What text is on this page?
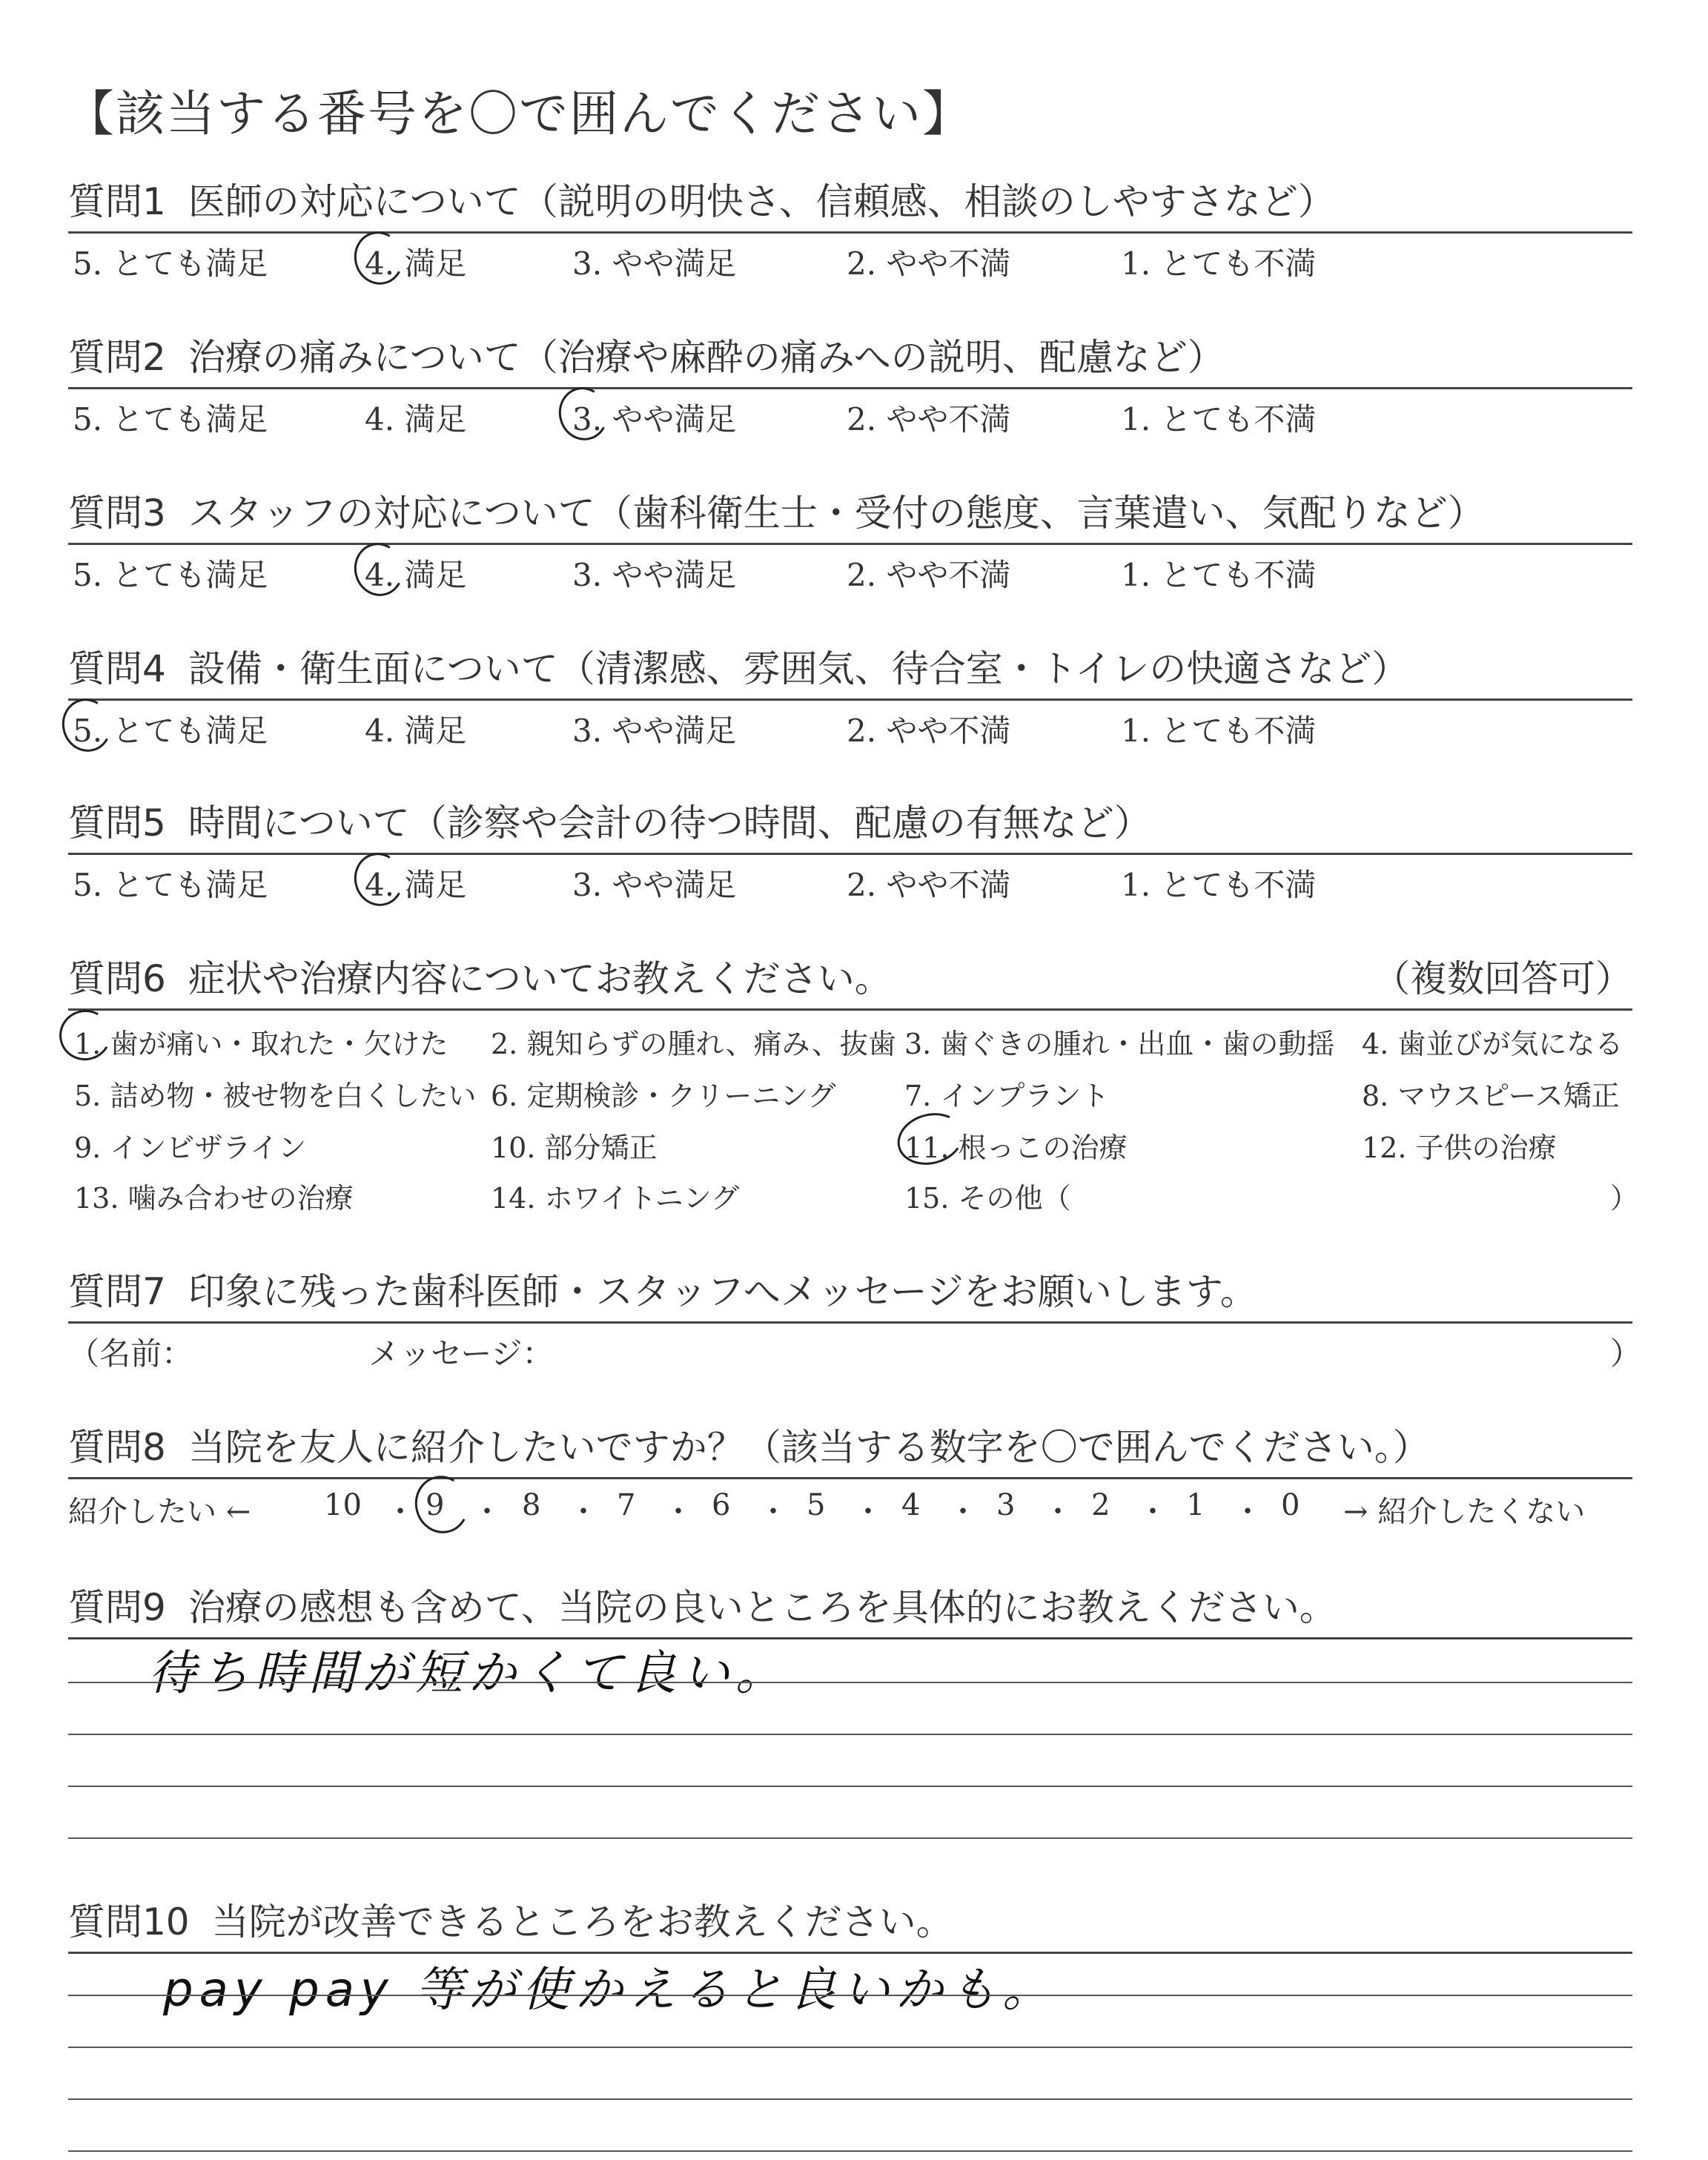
【該当する番号を〇で囲んでください】
質問1 医師の対応について（説明の明快さ、信頼感、相談のしやすさなど）
5. とても満足	4. 満足	3. やや満足	2. やや不満	1. とても不満
質問2 治療の痛みについて（治療や麻酔の痛みへの説明、配慮など）
5. とても満足	4. 満足	3. やや満足	2. やや不満	1. とても不満
質問3 スタッフの対応について（歯科衛生士・受付の態度、言葉遣い、気配りなど）
5. とても満足	4. 満足	3. やや満足	2. やや不満	1. とても不満
質問4 設備・衛生面について（清潔感、雰囲気、待合室・トイレの快適さなど）
5. とても満足	4. 満足	3. やや満足	2. やや不満	1. とても不満
質問5 時間について（診察や会計の待つ時間、配慮の有無など）
5. とても満足	4. 満足	3. やや満足	2. やや不満	1. とても不満
質問6 症状や治療内容についてお教えください。	（複数回答可）
1. 歯が痛い・取れた・欠けた 2. 親知らずの腫れ、痛み、抜歯 3. 歯ぐきの腫れ・出血・歯の動揺 4. 歯並びが気になる
5. 詰め物・被せ物を白くしたい 6. 定期検診・クリーニング 7. インプラント	8. マウスピース矯正
9. インビザライン	10. 部分矯正	11. 根っこの治療	12. 子供の治療
13. 噛み合わせの治療	14. ホワイトニング	15. その他（	）
質問7 印象に残った歯科医師・スタッフへメッセージをお願いします。
（名前：	メッセージ：	）
質問8 当院を友人に紹介したいですか？（該当する数字を〇で囲んでください。）
紹介したい ← 10 ・ 9 ・ 8 ・ 7 ・ 6 ・ 5 ・ 4 ・ 3 ・ 2 ・ 1 ・ 0 → 紹介したくない
質問9 治療の感想も含めて、当院の良いところを具体的にお教えください。
待ち時間が短かくて良い。
質問10 当院が改善できるところをお教えください。
pay pay 等が使かえると良いかも。
